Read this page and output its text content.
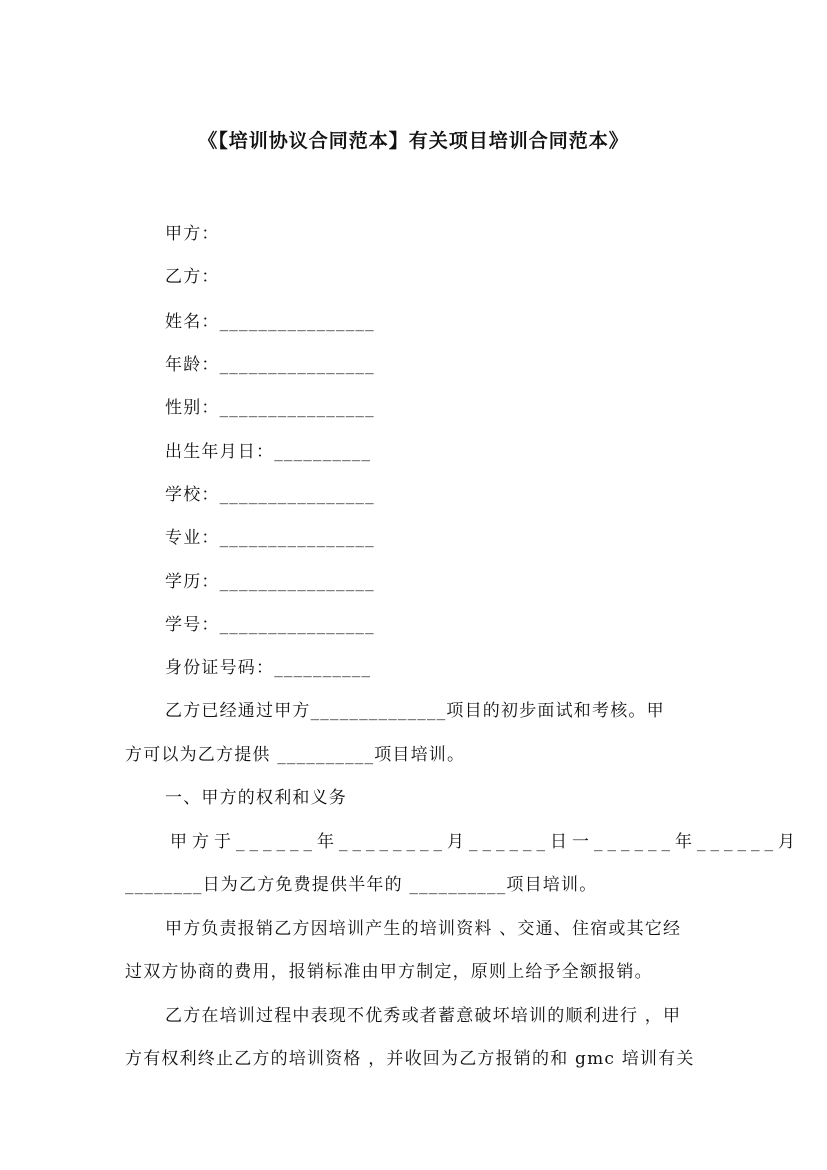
《【培训协议合同范本】有关项目培训合同范本》
甲方：
乙方：
姓名：________________
年龄：________________
性别：________________
出生年月日：__________
学校：________________
专业：________________
学历：________________
学号：________________
身份证号码：__________
乙方已经通过甲方______________项目的初步面试和考核。甲
方可以为乙方提供 __________项目培训。
一、甲方的权利和义务
甲方于______年________月______日一______年______月
________日为乙方免费提供半年的 __________项目培训。
甲方负责报销乙方因培训产生的培训资料 、交通、住宿或其它经
过双方协商的费用，报销标准由甲方制定，原则上给予全额报销。
乙方在培训过程中表现不优秀或者蓄意破坏培训的顺利进行 ，甲
方有权利终止乙方的培训资格 ，并收回为乙方报销的和 gmc 培训有关
